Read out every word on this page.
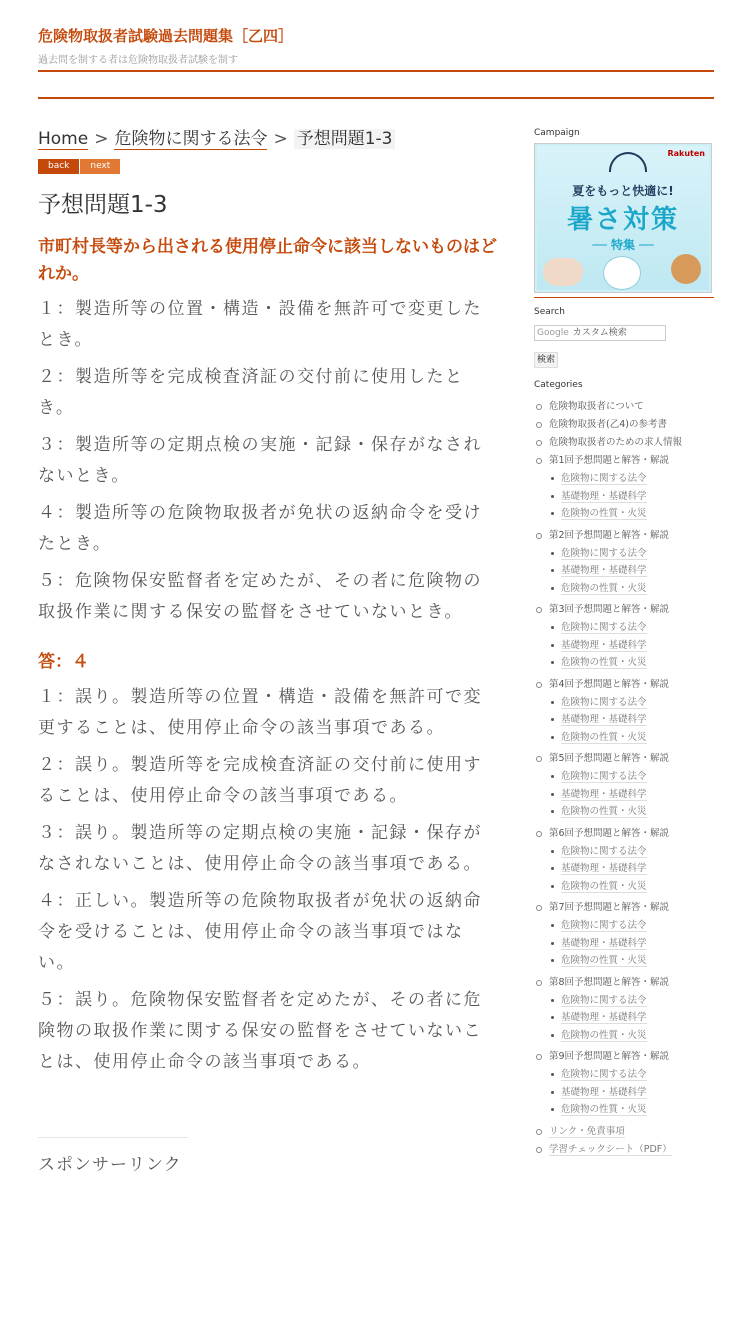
危険物取扱者試験過去問題集［乙四］
過去問を制する者は危険物取扱者試験を制す
Home > 危険物に関する法令 > 予想問題1-3
back	next
予想問題1-3
市町村長等から出される使用停止命令に該当しないものはどれか。
１：製造所等の位置・構造・設備を無許可で変更したとき。
２：製造所等を完成検査済証の交付前に使用したとき。
３：製造所等の定期点検の実施・記録・保存がなされないとき。
４：製造所等の危険物取扱者が免状の返納命令を受けたとき。
５：危険物保安監督者を定めたが、その者に危険物の取扱作業に関する保安の監督をさせていないとき。
答：４
１：誤り。製造所等の位置・構造・設備を無許可で変更することは、使用停止命令の該当事項である。
２：誤り。製造所等を完成検査済証の交付前に使用することは、使用停止命令の該当事項である。
３：誤り。製造所等の定期点検の実施・記録・保存がなされないことは、使用停止命令の該当事項である。
４：正しい。製造所等の危険物取扱者が免状の返納命令を受けることは、使用停止命令の該当事項ではない。
５：誤り。危険物保安監督者を定めたが、その者に危険物の取扱作業に関する保安の監督をさせていないことは、使用停止命令の該当事項である。
スポンサーリンク
Campaign
Rakuten
夏をもっと快適に!
暑さ対策
── 特集 ──
Search
Google カスタム検索
検索
Categories
危険物取扱者について
危険物取扱者(乙4)の参考書
危険物取扱者のための求人情報
第1回予想問題と解答・解説
危険物に関する法令
基礎物理・基礎科学
危険物の性質・火災
第2回予想問題と解答・解説
危険物に関する法令
基礎物理・基礎科学
危険物の性質・火災
第3回予想問題と解答・解説
危険物に関する法令
基礎物理・基礎科学
危険物の性質・火災
第4回予想問題と解答・解説
危険物に関する法令
基礎物理・基礎科学
危険物の性質・火災
第5回予想問題と解答・解説
危険物に関する法令
基礎物理・基礎科学
危険物の性質・火災
第6回予想問題と解答・解説
危険物に関する法令
基礎物理・基礎科学
危険物の性質・火災
第7回予想問題と解答・解説
危険物に関する法令
基礎物理・基礎科学
危険物の性質・火災
第8回予想問題と解答・解説
危険物に関する法令
基礎物理・基礎科学
危険物の性質・火災
第9回予想問題と解答・解説
危険物に関する法令
基礎物理・基礎科学
危険物の性質・火災
リンク・免責事項
学習チェックシート（PDF）
